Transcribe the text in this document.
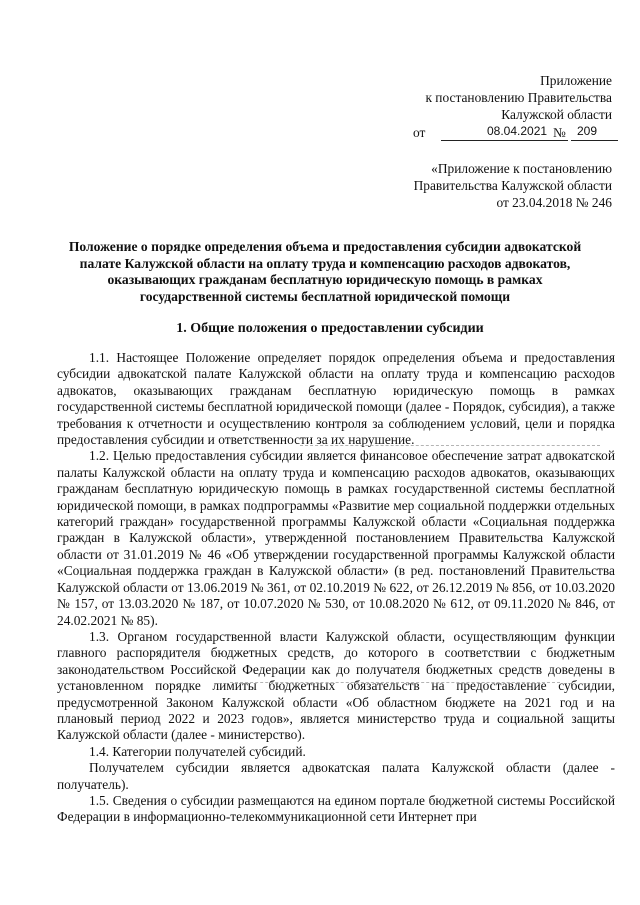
Приложение
к постановлению Правительства
Калужской области
от	08.04.2021 № 209
«Приложение к постановлению
Правительства Калужской области
от 23.04.2018 № 246
Положение о порядке определения объема и предоставления субсидии адвокатской палате Калужской области на оплату труда и компенсацию расходов адвокатов, оказывающих гражданам бесплатную юридическую помощь в рамках государственной системы бесплатной юридической помощи
1. Общие положения о предоставлении субсидии

1.1. Настоящее Положение определяет порядок определения объема и предоставления субсидии адвокатской палате Калужской области на оплату труда и компенсацию расходов адвокатов, оказывающих гражданам бесплатную юридическую помощь в рамках государственной системы бесплатной юридической помощи (далее - Порядок, субсидия), а также требования к отчетности и осуществлению контроля за соблюдением условий, цели и порядка предоставления субсидии и ответственности за их нарушение.

1.2. Целью предоставления субсидии является финансовое обеспечение затрат адвокатской палаты Калужской области на оплату труда и компенсацию расходов адвокатов, оказывающих гражданам бесплатную юридическую помощь в рамках государственной системы бесплатной юридической помощи, в рамках подпрограммы «Развитие мер социальной поддержки отдельных категорий граждан» государственной программы Калужской области «Социальная поддержка граждан в Калужской области», утвержденной постановлением Правительства Калужской области от 31.01.2019 № 46 «Об утверждении государственной программы Калужской области «Социальная поддержка граждан в Калужской области» (в ред. постановлений Правительства Калужской области от 13.06.2019 № 361, от 02.10.2019 № 622, от 26.12.2019 № 856, от 10.03.2020 № 157, от 13.03.2020 № 187, от 10.07.2020 № 530, от 10.08.2020 № 612, от 09.11.2020 № 846, от 24.02.2021 № 85).

1.3. Органом государственной власти Калужской области, осуществляющим функции главного распорядителя бюджетных средств, до которого в соответствии с бюджетным законодательством Российской Федерации как до получателя бюджетных средств доведены в установленном порядке лимиты бюджетных обязательств на предоставление субсидии, предусмотренной Законом Калужской области «Об областном бюджете на 2021 год и на плановый период 2022 и 2023 годов», является министерство труда и социальной защиты Калужской области (далее - министерство).

1.4. Категории получателей субсидий.

Получателем субсидии является адвокатская палата Калужской области (далее - получатель).

1.5. Сведения о субсидии размещаются на едином портале бюджетной системы Российской Федерации в информационно-телекоммуникационной сети Интернет при
